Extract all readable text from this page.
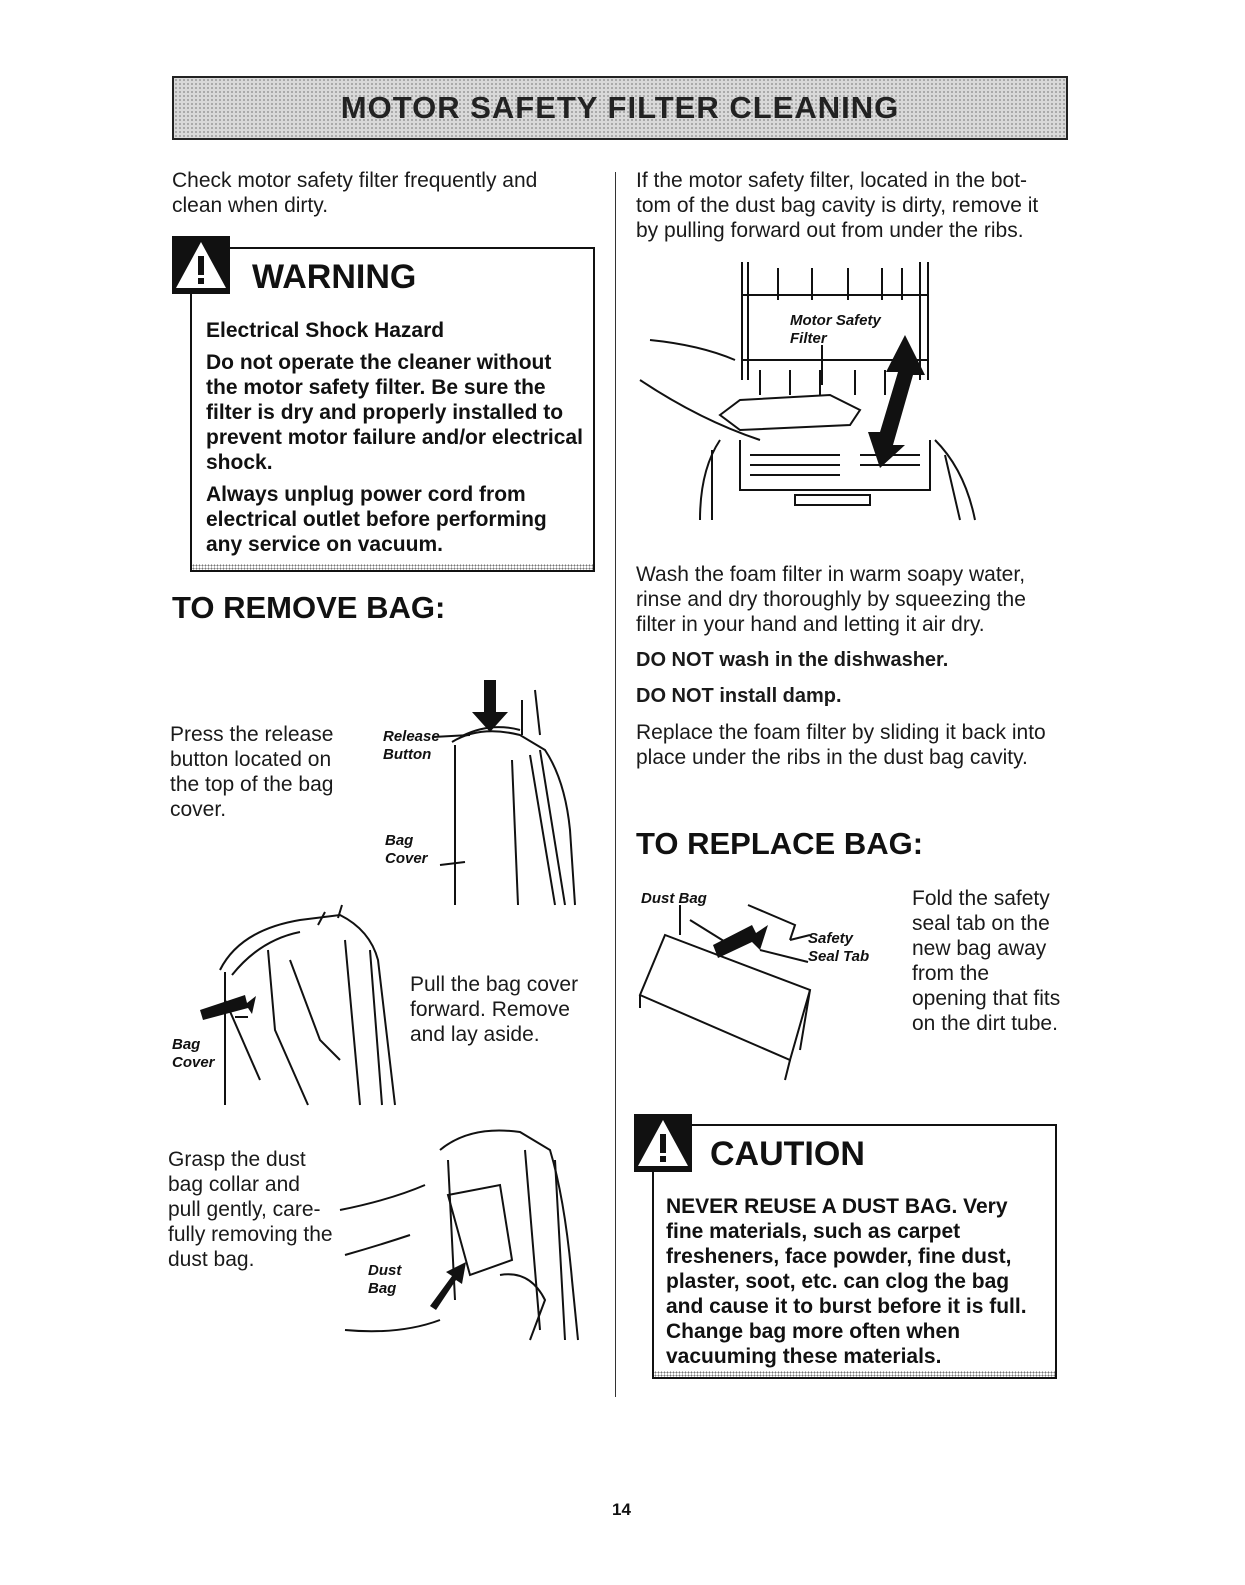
MOTOR SAFETY FILTER CLEANING
Check motor safety filter frequently and clean when dirty.
WARNING
Electrical Shock Hazard
Do not operate the cleaner without the motor safety filter. Be sure the filter is dry and properly installed to prevent motor failure and/or electrical shock.
Always unplug power cord from electrical outlet before performing any service on vacuum.
TO REMOVE BAG:
Press the release button located on the top of the bag cover.
Release Button
Bag Cover
Bag Cover
Pull the bag cover forward. Remove and lay aside.
Grasp the dust bag collar and pull gently, care-fully removing the dust bag.	Dust Bag
If the motor safety filter, located in the bot-tom of the dust bag cavity is dirty, remove it by pulling forward out from under the ribs.
Motor Safety Filter
Wash the foam filter in warm soapy water, rinse and dry thoroughly by squeezing the filter in your hand and letting it air dry.
DO NOT wash in the dishwasher.
DO NOT install damp.
Replace the foam filter by sliding it back into place under the ribs in the dust bag cavity.
TO REPLACE BAG:
Dust Bag
Safety Seal Tab
Fold the safety seal tab on the new bag away from the opening that fits on the dirt tube.
CAUTION
NEVER REUSE A DUST BAG. Very fine materials, such as carpet fresheners, face powder, fine dust, plaster, soot, etc. can clog the bag and cause it to burst before it is full. Change bag more often when vacuuming these materials.
14
